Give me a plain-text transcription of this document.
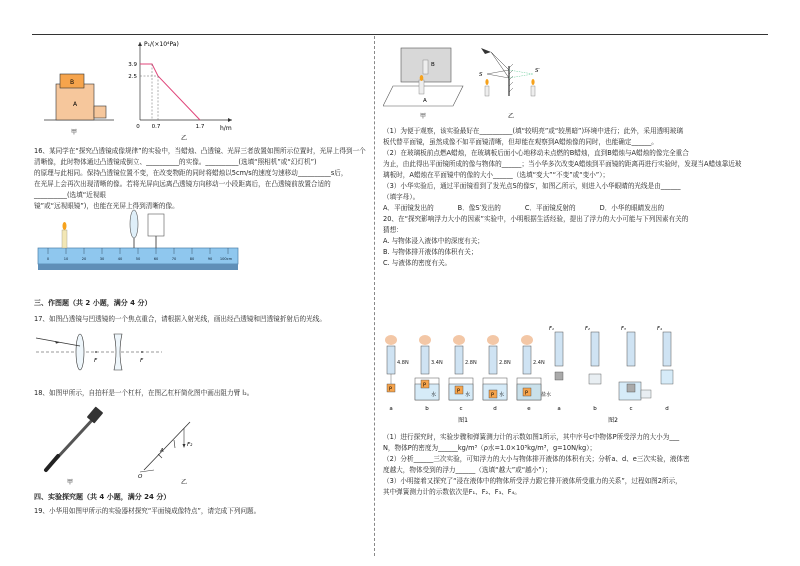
B
A
甲
P₁/(×10⁴Pa)
h/m
3.9
2.5
0 0.7	1.7
乙

16、某同学在“探究凸透镜成像规律”的实验中，当蜡烛、凸透镜、光屏三者放置如图所示位置时，光屏上得到一个

清晰像，此时物体通过凸透镜成倒立、__________的实像。__________(选填“照相机”或“幻灯机”)

的原理与此相同。保持凸透镜位置不变，在改变物距的同时将蜡烛以5cm/s的速度匀速移动__________s后，

在光屏上会再次出现清晰的像。若将光屏向远离凸透镜方向移动一小段距离后，在凸透镜前放置合适的__________(选填“近视眼

镜”或“远视眼镜”)，也能在光屏上得到清晰的像。

0	10	20	30	40	50	60	70	80	90 100cm
三、作图题（共 2 小题，满分 4 分）

17、如图凸透镜与凹透镜的一个焦点重合，请根据入射光线，画出经凸透镜和凹透镜折射后的光线。

F	F

18、如图甲所示，自拍杆是一个杠杆，在图乙杠杆简化图中画出阻力臂 l₂。

甲
O
A
F₂
乙
四、实验探究题（共 4 小题，满分 24 分）

19、小华用如图甲所示的实验器材探究“平面镜成像特点”，请完成下列问题。

B
A
甲
S
S′
乙

（1）为便于观察，该实验最好在__________(填“较明亮”或“较黑暗”)环境中进行；此外，采用透明玻璃

板代替平面镜，虽然成像不如平面镜清晰，但却能在观察到A蜡烛像的同时，也能确定______。

（2）在玻璃板前点燃A蜡烛，在玻璃板后面小心地移动未点燃的B蜡烛，直到B蜡烛与A蜡烛的像完全重合

为止，由此得出平面镜所成的像与物体的______；当小华多次改变A蜡烛到平面镜的距离再进行实验时，发现当A蜡烛靠近玻

璃板时，A蜡烛在平面镜中的像的大小______（选填“变大”“不变”或“变小”）；

（3）小华实验后，通过平面镜看到了发光点S的像S′，如图乙所示，则进入小华眼睛的光线是由______

（填字母）。

A．平面镜发出的	B．像S′发出的	C．平面镜反射的	D．小华的眼睛发出的

20、在“探究影响浮力大小的因素”实验中，小明根据生活经验，提出了浮力的大小可能与下列因素有关的

猜想：

A. 与物体浸入液体中的深度有关；

B. 与物体排开液体的体积有关；

C. 与液体的密度有关。

4.8N	3.4N	2.8N	2.8N	2.4N
P
P
P
P	P
水	水	水	盐水
a	b	c	d	e
图1
F₁	F₂	F₃	F₄
a	b	c	d
图2

（1）进行探究时，实验步骤和弹簧测力计的示数如图1所示，其中序号c中物体P所受浮力的大小为___

N，物体P的密度为______kg/m³（ρ水=1.0×10³kg/m³，g=10N/kg）；

（2）分析______三次实验，可知浮力的大小与物体排开液体的体积有关；分析a、d、e三次实验，液体密

度越大，物体受到的浮力______（选填“越大”或“越小”）；

（3）小明接着又探究了“浸在液体中的物体所受浮力跟它排开液体所受重力的关系”，过程如图2所示，

其中弹簧测力计的示数依次是F₁、F₂、F₃、F₄。
